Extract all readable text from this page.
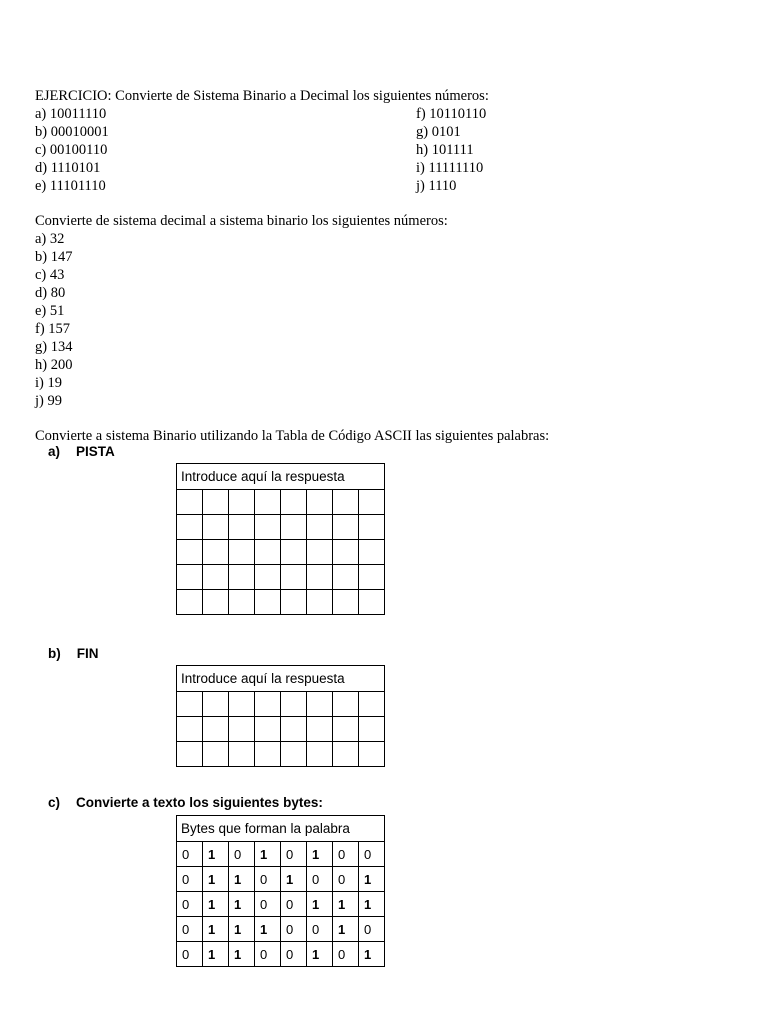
EJERCICIO: Convierte de Sistema Binario a Decimal los siguientes números:
a) 10011110
b) 00010001
c) 00100110
d) 1110101
e) 11101110
f) 10110110
g) 0101
h) 101111
i) 11111110
j) 1110
Convierte de sistema decimal a sistema binario los siguientes números:
a) 32
b) 147
c) 43
d) 80
e) 51
f) 157
g) 134
h) 200
i) 19
j) 99
Convierte a sistema Binario utilizando la Tabla de Código ASCII las siguientes palabras:
a) PISTA
Introduce aquí la respuesta							

b) FIN
Introduce aquí la respuesta							

c) Convierte a texto los siguientes bytes:
Bytes que forman la palabra							
0	1	0	1	0	1	0	0
0	1	1	0	1	0	0	1
0	1	1	0	0	1	1	1
0	1	1	1	0	0	1	0
0	1	1	0	0	1	0	1
